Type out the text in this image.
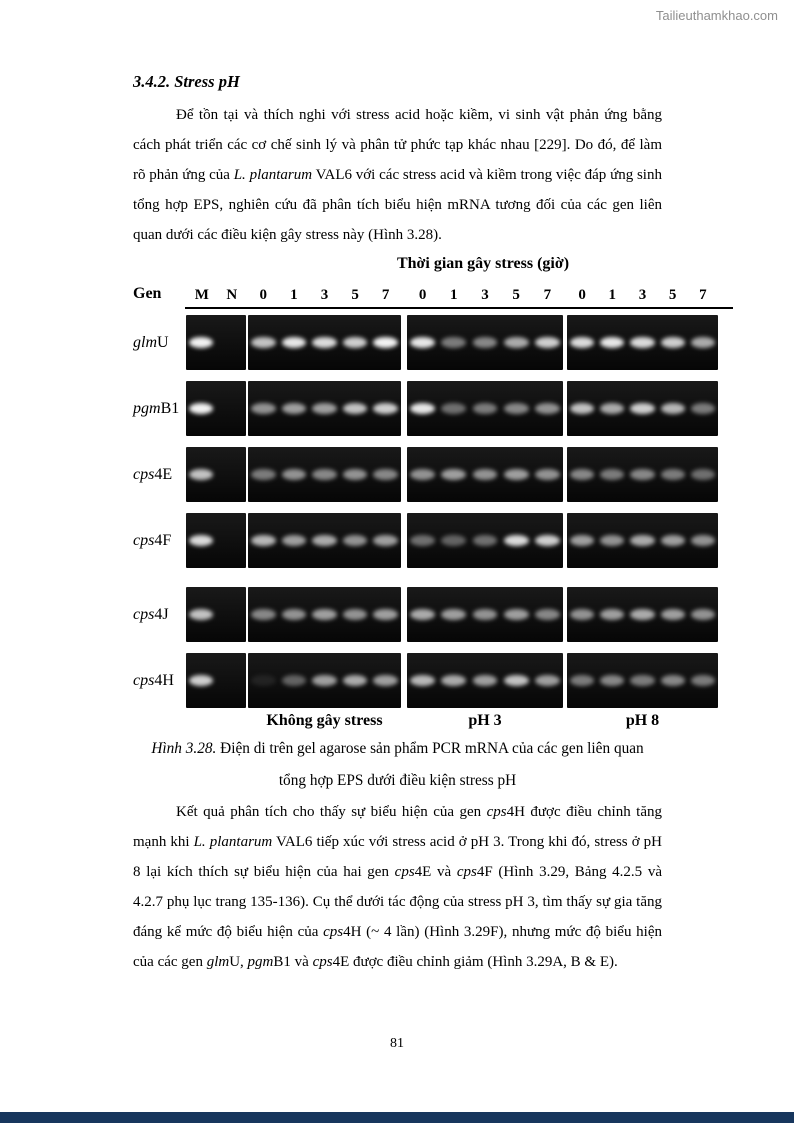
Tailieuthamkhao.com
3.4.2. Stress pH
Để tồn tại và thích nghi với stress acid hoặc kiềm, vi sinh vật phản ứng bằng cách phát triển các cơ chế sinh lý và phân tử phức tạp khác nhau [229]. Do đó, để làm rõ phản ứng của L. plantarum VAL6 với các stress acid và kiềm trong việc đáp ứng sinh tổng hợp EPS, nghiên cứu đã phân tích biểu hiện mRNA tương đối của các gen liên quan dưới các điều kiện gây stress này (Hình 3.28).
Thời gian gây stress (giờ)
Gen M N 0 1 3 5 7 0 1 3 5 7 0 1 3 5 7
glm U
pgm B1
cps 4E
cps 4F
cps 4J
cps 4H
Không gây stress	pH 3	pH 8
Hình 3.28. Điện di trên gel agarose sản phẩm PCR mRNA của các gen liên quan
tổng hợp EPS dưới điều kiện stress pH
Kết quả phân tích cho thấy sự biểu hiện của gen cps4H được điều chỉnh tăng mạnh khi L. plantarum VAL6 tiếp xúc với stress acid ở pH 3. Trong khi đó, stress ở pH 8 lại kích thích sự biểu hiện của hai gen cps4E và cps4F (Hình 3.29, Bảng 4.2.5 và 4.2.7 phụ lục trang 135-136). Cụ thể dưới tác động của stress pH 3, tìm thấy sự gia tăng đáng kể mức độ biểu hiện của cps4H (~ 4 lần) (Hình 3.29F), nhưng mức độ biểu hiện của các gen glmU, pgmB1 và cps4E được điều chỉnh giảm (Hình 3.29A, B & E).
81
